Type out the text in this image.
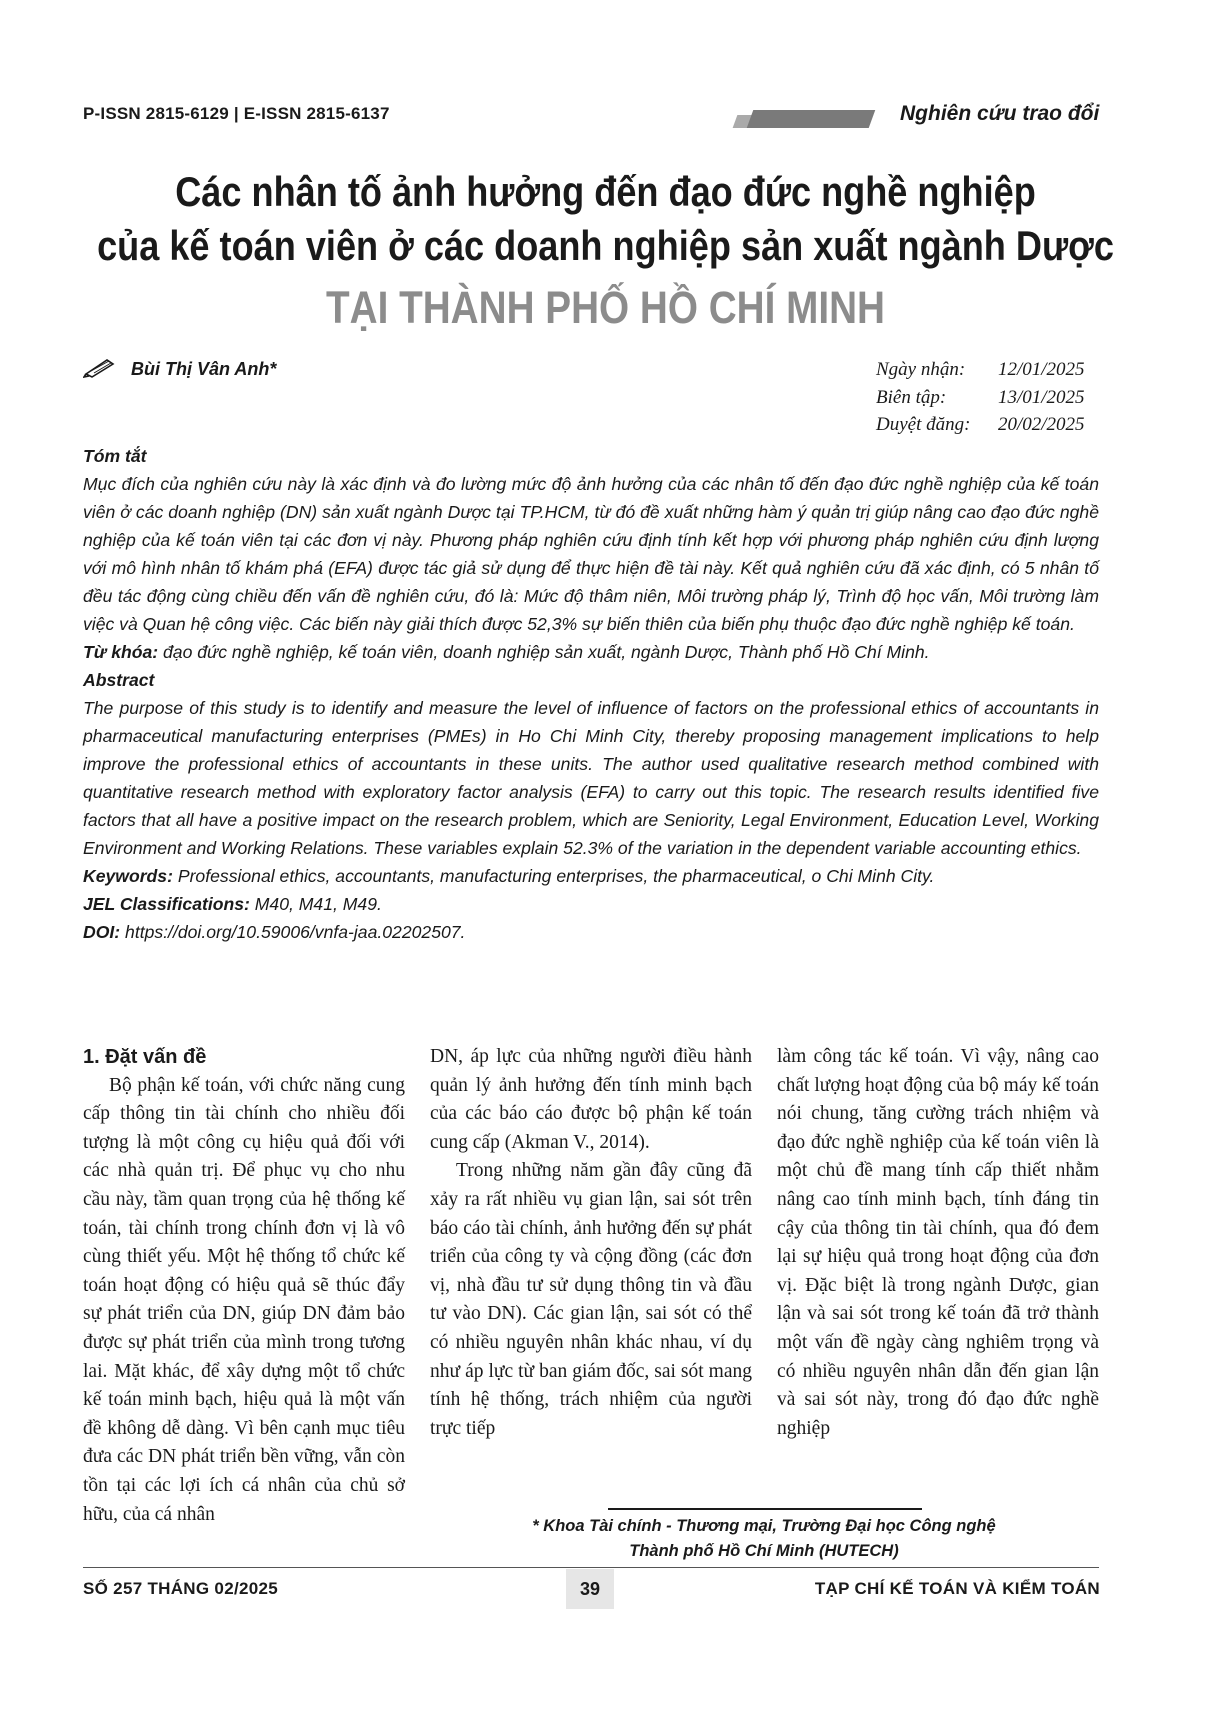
P-ISSN 2815-6129 | E-ISSN 2815-6137	Nghiên cứu trao đổi
Các nhân tố ảnh hưởng đến đạo đức nghề nghiệp
của kế toán viên ở các doanh nghiệp sản xuất ngành Dược
TẠI THÀNH PHỐ HỒ CHÍ MINH
Bùi Thị Vân Anh*	Ngày nhận:	12/01/2025
Biên tập:	13/01/2025
Duyệt đăng:	20/02/2025

Tóm tắt

Mục đích của nghiên cứu này là xác định và đo lường mức độ ảnh hưởng của các nhân tố đến đạo đức nghề nghiệp của kế toán viên ở các doanh nghiệp (DN) sản xuất ngành Dược tại TP.HCM, từ đó đề xuất những hàm ý quản trị giúp nâng cao đạo đức nghề nghiệp của kế toán viên tại các đơn vị này. Phương pháp nghiên cứu định tính kết hợp với phương pháp nghiên cứu định lượng với mô hình nhân tố khám phá (EFA) được tác giả sử dụng để thực hiện đề tài này. Kết quả nghiên cứu đã xác định, có 5 nhân tố đều tác động cùng chiều đến vấn đề nghiên cứu, đó là: Mức độ thâm niên, Môi trường pháp lý, Trình độ học vấn, Môi trường làm việc và Quan hệ công việc. Các biến này giải thích được 52,3% sự biến thiên của biến phụ thuộc đạo đức nghề nghiệp kế toán.

Từ khóa: đạo đức nghề nghiệp, kế toán viên, doanh nghiệp sản xuất, ngành Dược, Thành phố Hồ Chí Minh.

Abstract

The purpose of this study is to identify and measure the level of influence of factors on the professional ethics of accountants in pharmaceutical manufacturing enterprises (PMEs) in Ho Chi Minh City, thereby proposing management implications to help improve the professional ethics of accountants in these units. The author used qualitative research method combined with quantitative research method with exploratory factor analysis (EFA) to carry out this topic. The research results identified five factors that all have a positive impact on the research problem, which are Seniority, Legal Environment, Education Level, Working Environment and Working Relations. These variables explain 52.3% of the variation in the dependent variable accounting ethics.

Keywords: Professional ethics, accountants, manufacturing enterprises, the pharmaceutical, o Chi Minh City.

JEL Classifications: M40, M41, M49.

DOI: https://doi.org/10.59006/vnfa-jaa.02202507.

1. Đặt vấn đề

Bộ phận kế toán, với chức năng cung cấp thông tin tài chính cho nhiều đối tượng là một công cụ hiệu quả đối với các nhà quản trị. Để phục vụ cho nhu cầu này, tầm quan trọng của hệ thống kế toán, tài chính trong chính đơn vị là vô cùng thiết yếu. Một hệ thống tổ chức kế toán hoạt động có hiệu quả sẽ thúc đẩy sự phát triển của DN, giúp DN đảm bảo được sự phát triển của mình trong tương lai. Mặt khác, để xây dựng một tổ chức kế toán minh bạch, hiệu quả là một vấn đề không dễ dàng. Vì bên cạnh mục tiêu đưa các DN phát triển bền vững, vẫn còn tồn tại các lợi ích cá nhân của chủ sở hữu, của cá nhân

DN, áp lực của những người điều hành quản lý ảnh hưởng đến tính minh bạch của các báo cáo được bộ phận kế toán cung cấp (Akman V., 2014).

Trong những năm gần đây cũng đã xảy ra rất nhiều vụ gian lận, sai sót trên báo cáo tài chính, ảnh hưởng đến sự phát triển của công ty và cộng đồng (các đơn vị, nhà đầu tư sử dụng thông tin và đầu tư vào DN). Các gian lận, sai sót có thể có nhiều nguyên nhân khác nhau, ví dụ như áp lực từ ban giám đốc, sai sót mang tính hệ thống, trách nhiệm của người trực tiếp

làm công tác kế toán. Vì vậy, nâng cao chất lượng hoạt động của bộ máy kế toán nói chung, tăng cường trách nhiệm và đạo đức nghề nghiệp của kế toán viên là một chủ đề mang tính cấp thiết nhằm nâng cao tính minh bạch, tính đáng tin cậy của thông tin tài chính, qua đó đem lại sự hiệu quả trong hoạt động của đơn vị. Đặc biệt là trong ngành Dược, gian lận và sai sót trong kế toán đã trở thành một vấn đề ngày càng nghiêm trọng và có nhiều nguyên nhân dẫn đến gian lận và sai sót này, trong đó đạo đức nghề nghiệp

* Khoa Tài chính - Thương mại, Trường Đại học Công nghệ
Thành phố Hồ Chí Minh (HUTECH)
SỐ 257 THÁNG 02/2025	39	TẠP CHÍ KẾ TOÁN VÀ KIỂM TOÁN
